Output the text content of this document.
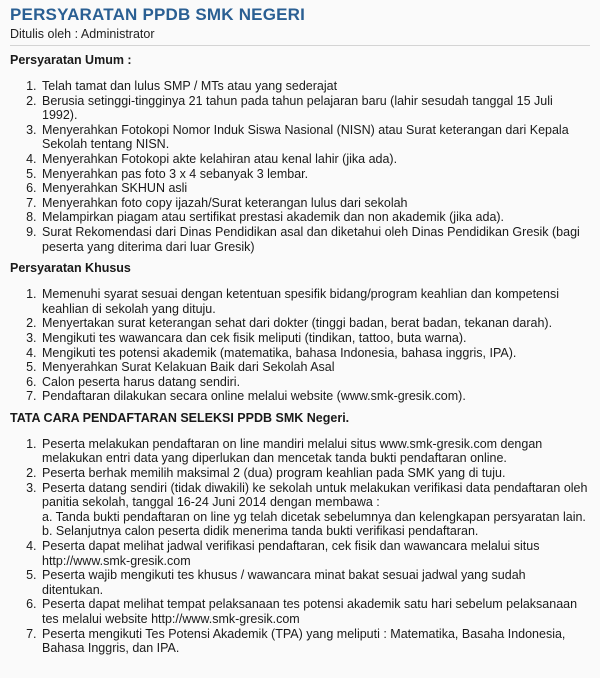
PERSYARATAN PPDB SMK NEGERI
Ditulis oleh : Administrator
Persyaratan Umum :
1. Telah tamat dan lulus SMP / MTs atau yang sederajat
2. Berusia setinggi-tingginya 21 tahun pada tahun pelajaran baru (lahir sesudah tanggal 15 Juli 1992).
3. Menyerahkan Fotokopi Nomor Induk Siswa Nasional (NISN) atau Surat keterangan dari Kepala Sekolah tentang NISN.
4. Menyerahkan Fotokopi akte kelahiran atau kenal lahir (jika ada).
5. Menyerahkan pas foto 3 x 4 sebanyak 3 lembar.
6. Menyerahkan SKHUN asli
7. Menyerahkan foto copy ijazah/Surat keterangan lulus dari sekolah
8. Melampirkan piagam atau sertifikat prestasi akademik dan non akademik (jika ada).
9. Surat Rekomendasi dari Dinas Pendidikan asal dan diketahui oleh Dinas Pendidikan Gresik (bagi peserta yang diterima dari luar Gresik)
Persyaratan Khusus
1. Memenuhi syarat sesuai dengan ketentuan spesifik bidang/program keahlian dan kompetensi keahlian di sekolah yang dituju.
2. Menyertakan surat keterangan sehat dari dokter (tinggi badan, berat badan, tekanan darah).
3. Mengikuti tes wawancara dan cek fisik meliputi (tindikan, tattoo, buta warna).
4. Mengikuti tes potensi akademik (matematika, bahasa Indonesia, bahasa inggris, IPA).
5. Menyerahkan Surat Kelakuan Baik dari Sekolah Asal
6. Calon peserta harus datang sendiri.
7. Pendaftaran dilakukan secara online melalui website (www.smk-gresik.com).
TATA CARA PENDAFTARAN SELEKSI PPDB SMK Negeri.
1. Peserta melakukan pendaftaran on line mandiri melalui situs www.smk-gresik.com dengan melakukan entri data yang diperlukan dan mencetak tanda bukti pendaftaran online.
2. Peserta berhak memilih maksimal 2 (dua) program keahlian pada SMK yang di tuju.
3. Peserta datang sendiri (tidak diwakili) ke sekolah untuk melakukan verifikasi data pendaftaran oleh panitia sekolah, tanggal 16-24 Juni 2014 dengan membawa :
a. Tanda bukti pendaftaran on line yg telah dicetak sebelumnya dan kelengkapan persyaratan lain.
b. Selanjutnya calon peserta didik menerima tanda bukti verifikasi pendaftaran.
4. Peserta dapat melihat jadwal verifikasi pendaftaran, cek fisik dan wawancara melalui situs http://www.smk-gresik.com
5. Peserta wajib mengikuti tes khusus / wawancara minat bakat sesuai jadwal yang sudah ditentukan.
6. Peserta dapat melihat tempat pelaksanaan tes potensi akademik satu hari sebelum pelaksanaan tes melalui website http://www.smk-gresik.com
7. Peserta mengikuti Tes Potensi Akademik (TPA) yang meliputi : Matematika, Basaha Indonesia, Bahasa Inggris, dan IPA.
